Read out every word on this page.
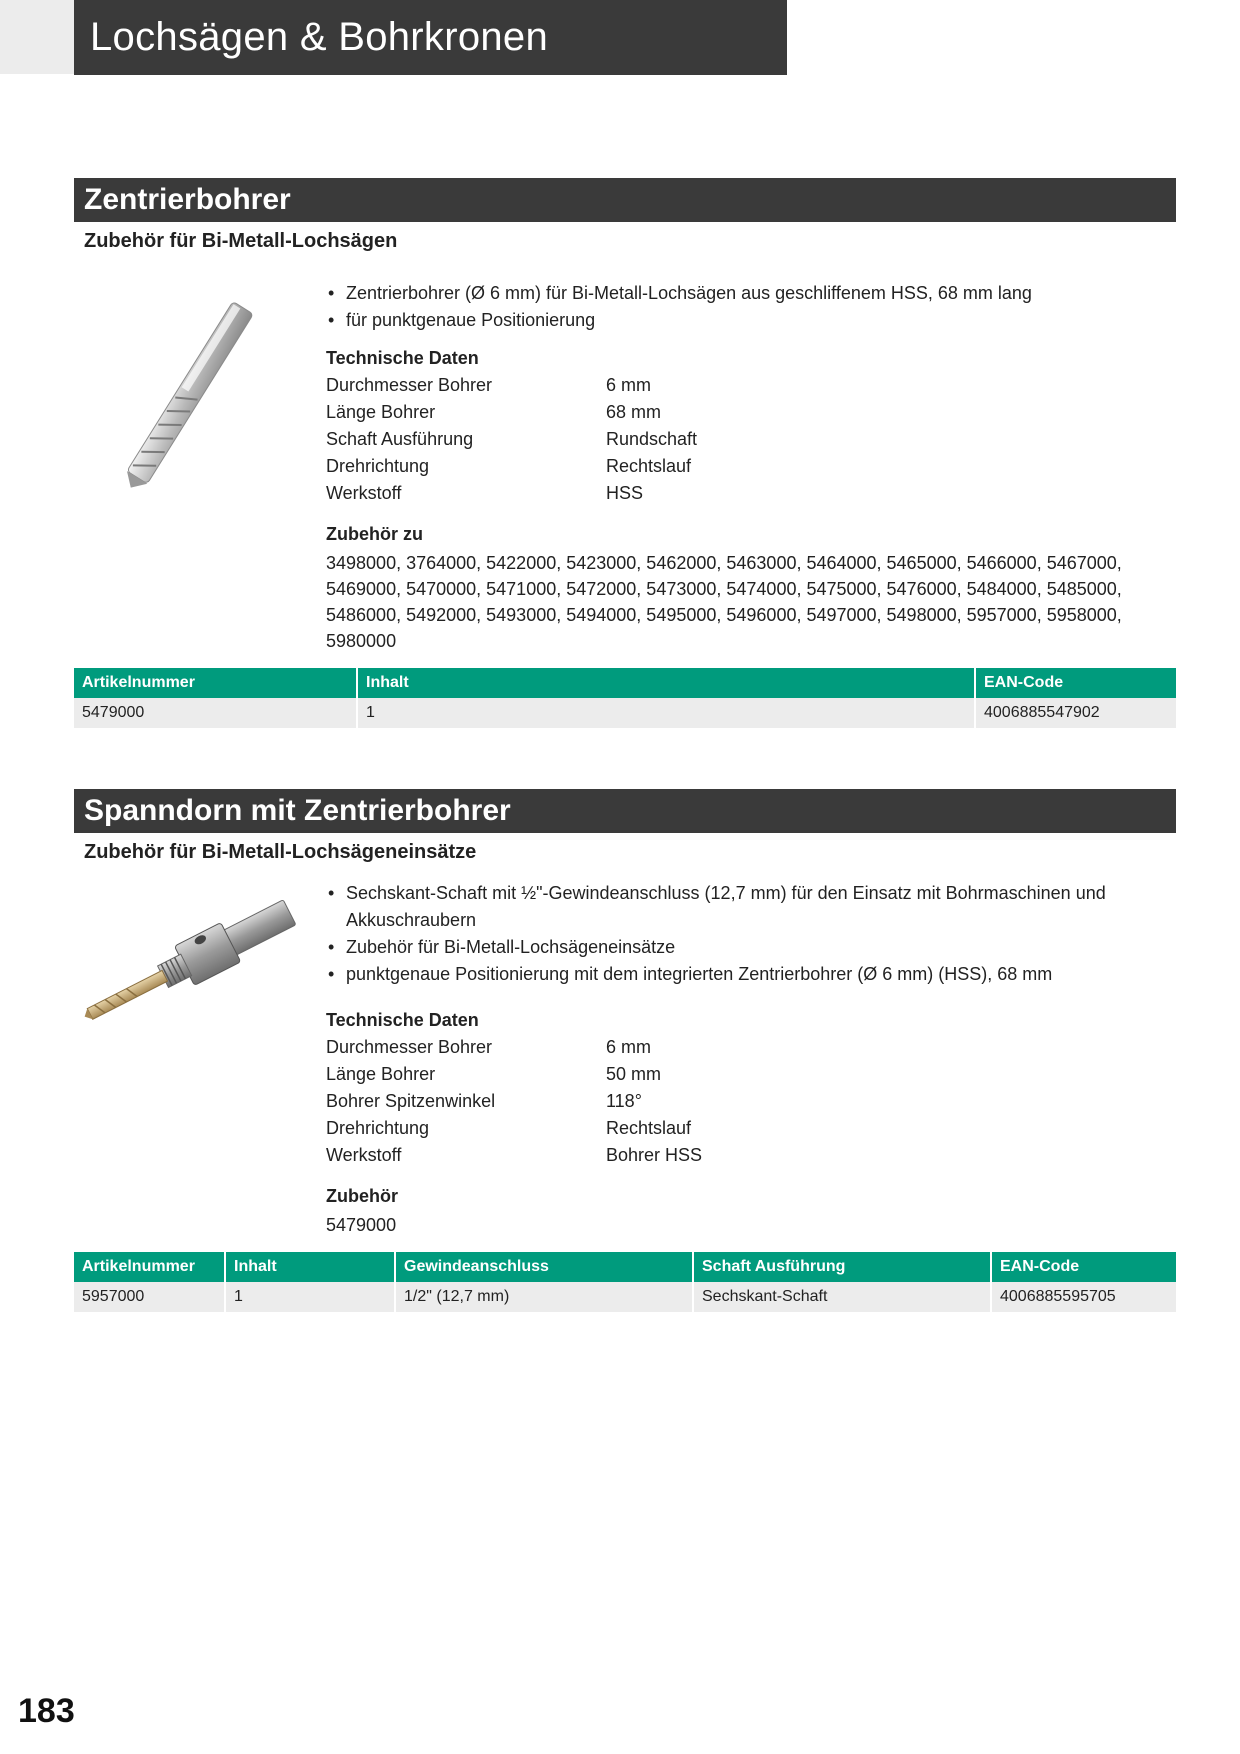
Lochsägen & Bohrkronen
Zentrierbohrer
Zubehör für Bi-Metall-Lochsägen
• Zentrierbohrer (Ø 6 mm) für Bi-Metall-Lochsägen aus geschliffenem HSS, 68 mm lang
• für punktgenaue Positionierung
Technische Daten
Durchmesser Bohrer	6 mm
Länge Bohrer	68 mm
Schaft Ausführung	Rundschaft
Drehrichtung	Rechtslauf
Werkstoff	HSS
Zubehör zu
3498000, 3764000, 5422000, 5423000, 5462000, 5463000, 5464000, 5465000, 5466000, 5467000, 5469000, 5470000, 5471000, 5472000, 5473000, 5474000, 5475000, 5476000, 5484000, 5485000, 5486000, 5492000, 5493000, 5494000, 5495000, 5496000, 5497000, 5498000, 5957000, 5958000, 5980000
Artikelnummer	Inhalt	EAN-Code
5479000	1	4006885547902
Spanndorn mit Zentrierbohrer
Zubehör für Bi-Metall-Lochsägeneinsätze
• Sechskant-Schaft mit ½"-Gewindeanschluss (12,7 mm) für den Einsatz mit Bohrmaschinen und Akkuschraubern
• Zubehör für Bi-Metall-Lochsägeneinsätze
• punktgenaue Positionierung mit dem integrierten Zentrierbohrer (Ø 6 mm) (HSS), 68 mm
Technische Daten
Durchmesser Bohrer	6 mm
Länge Bohrer	50 mm
Bohrer Spitzenwinkel	118°
Drehrichtung	Rechtslauf
Werkstoff	Bohrer HSS
Zubehör
5479000
Artikelnummer	Inhalt	Gewindeanschluss	Schaft Ausführung	EAN-Code
5957000	1	1/2" (12,7 mm)	Sechskant-Schaft	4006885595705
183
